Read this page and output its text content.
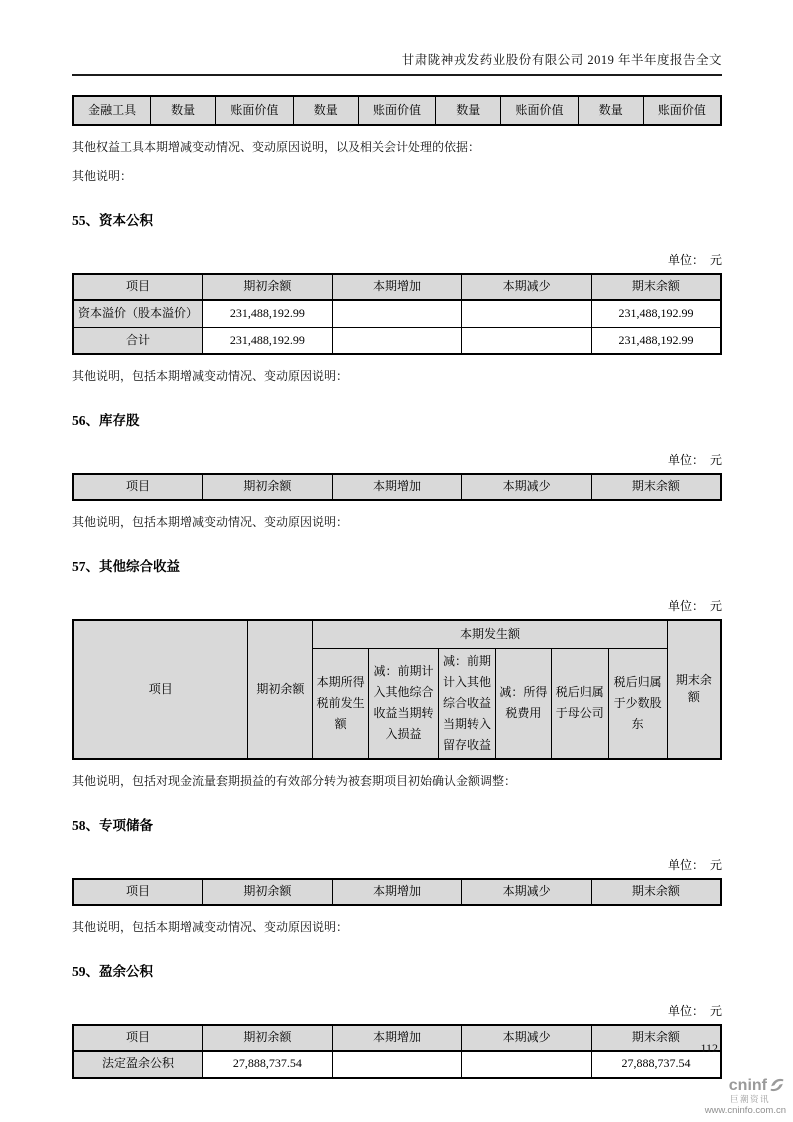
甘肃陇神戎发药业股份有限公司 2019 年半年度报告全文
金融工具	数量	账面价值	数量	账面价值	数量	账面价值	数量	账面价值

其他权益工具本期增减变动情况、变动原因说明，以及相关会计处理的依据：

其他说明：

55、资本公积
单位：　元
项目	期初余额	本期增加	本期减少	期末余额
资本溢价（股本溢价）	231,488,192.99			231,488,192.99
合计	231,488,192.99			231,488,192.99

其他说明，包括本期增减变动情况、变动原因说明：

56、库存股
单位：　元
项目	期初余额	本期增加	本期减少	期末余额

其他说明，包括本期增减变动情况、变动原因说明：

57、其他综合收益
单位：　元
项目	期初余额	本期发生额						期末余额
		本期所得税前发生额	减：前期计入其他综合收益当期转入损益	减：前期计入其他综合收益当期转入留存收益	减：所得税费用	税后归属于母公司	税后归属于少数股东	

其他说明，包括对现金流量套期损益的有效部分转为被套期项目初始确认金额调整：

58、专项储备
单位：　元
项目	期初余额	本期增加	本期减少	期末余额

其他说明，包括本期增减变动情况、变动原因说明：

59、盈余公积
单位：　元
项目	期初余额	本期增加	本期减少	期末余额
法定盈余公积	27,888,737.54			27,888,737.54
112
cninf
巨潮资讯
www.cninfo.com.cn
